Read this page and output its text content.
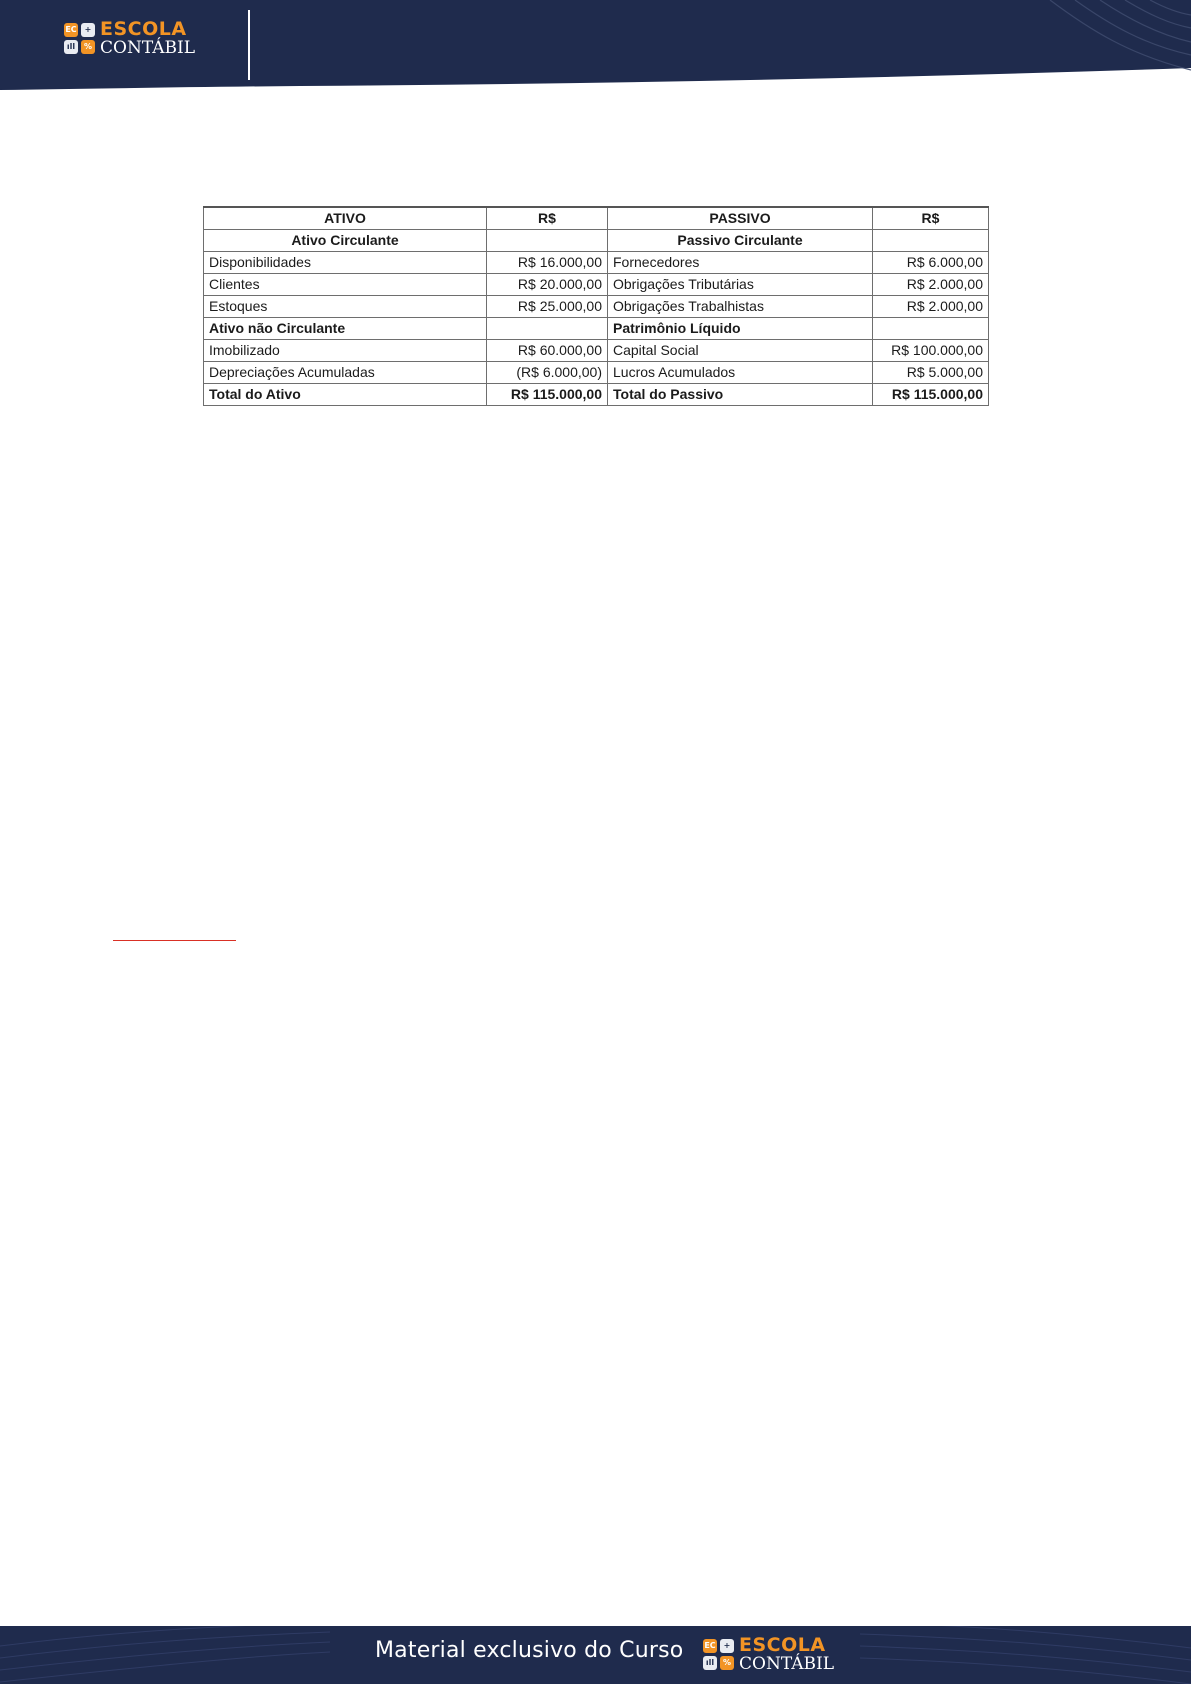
EC +
ıll	%
ESCOLA
CONTÁBIL
ATIVO	R$	PASSIVO	R$
Ativo Circulante		Passivo Circulante	
Disponibilidades	R$ 16.000,00	Fornecedores	R$ 6.000,00
Clientes	R$ 20.000,00	Obrigações Tributárias	R$ 2.000,00
Estoques	R$ 25.000,00	Obrigações Trabalhistas	R$ 2.000,00
Ativo não Circulante		Patrimônio Líquido	
Imobilizado	R$ 60.000,00	Capital Social	R$ 100.000,00
Depreciações Acumuladas	(R$ 6.000,00)	Lucros Acumulados	R$ 5.000,00
Total do Ativo	R$ 115.000,00	Total do Passivo	R$ 115.000,00
Material exclusivo do Curso	EC +
ıll	%
ESCOLA
CONTÁBIL
